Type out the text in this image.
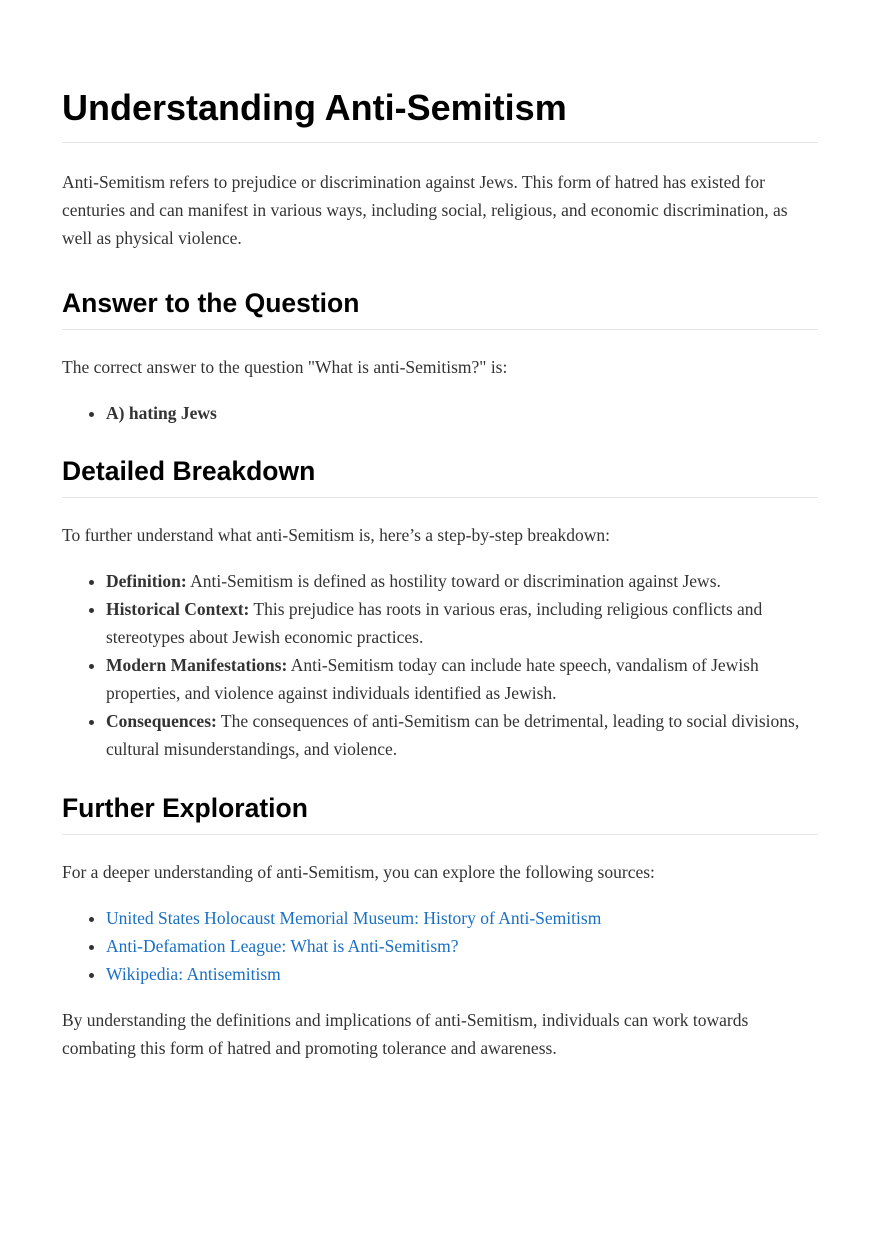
Understanding Anti-Semitism

Anti-Semitism refers to prejudice or discrimination against Jews. This form of hatred has existed for centuries and can manifest in various ways, including social, religious, and economic discrimination, as well as physical violence.

Answer to the Question

The correct answer to the question "What is anti-Semitism?" is:

• A) hating Jews
Detailed Breakdown

To further understand what anti-Semitism is, here’s a step-by-step breakdown:

• Definition: Anti-Semitism is defined as hostility toward or discrimination against Jews.
• Historical Context: This prejudice has roots in various eras, including religious conflicts and stereotypes about Jewish economic practices.
• Modern Manifestations: Anti-Semitism today can include hate speech, vandalism of Jewish properties, and violence against individuals identified as Jewish.
• Consequences: The consequences of anti-Semitism can be detrimental, leading to social divisions, cultural misunderstandings, and violence.
Further Exploration

For a deeper understanding of anti-Semitism, you can explore the following sources:

• United States Holocaust Memorial Museum: History of Anti-Semitism
• Anti-Defamation League: What is Anti-Semitism?
• Wikipedia: Antisemitism

By understanding the definitions and implications of anti-Semitism, individuals can work towards combating this form of hatred and promoting tolerance and awareness.
